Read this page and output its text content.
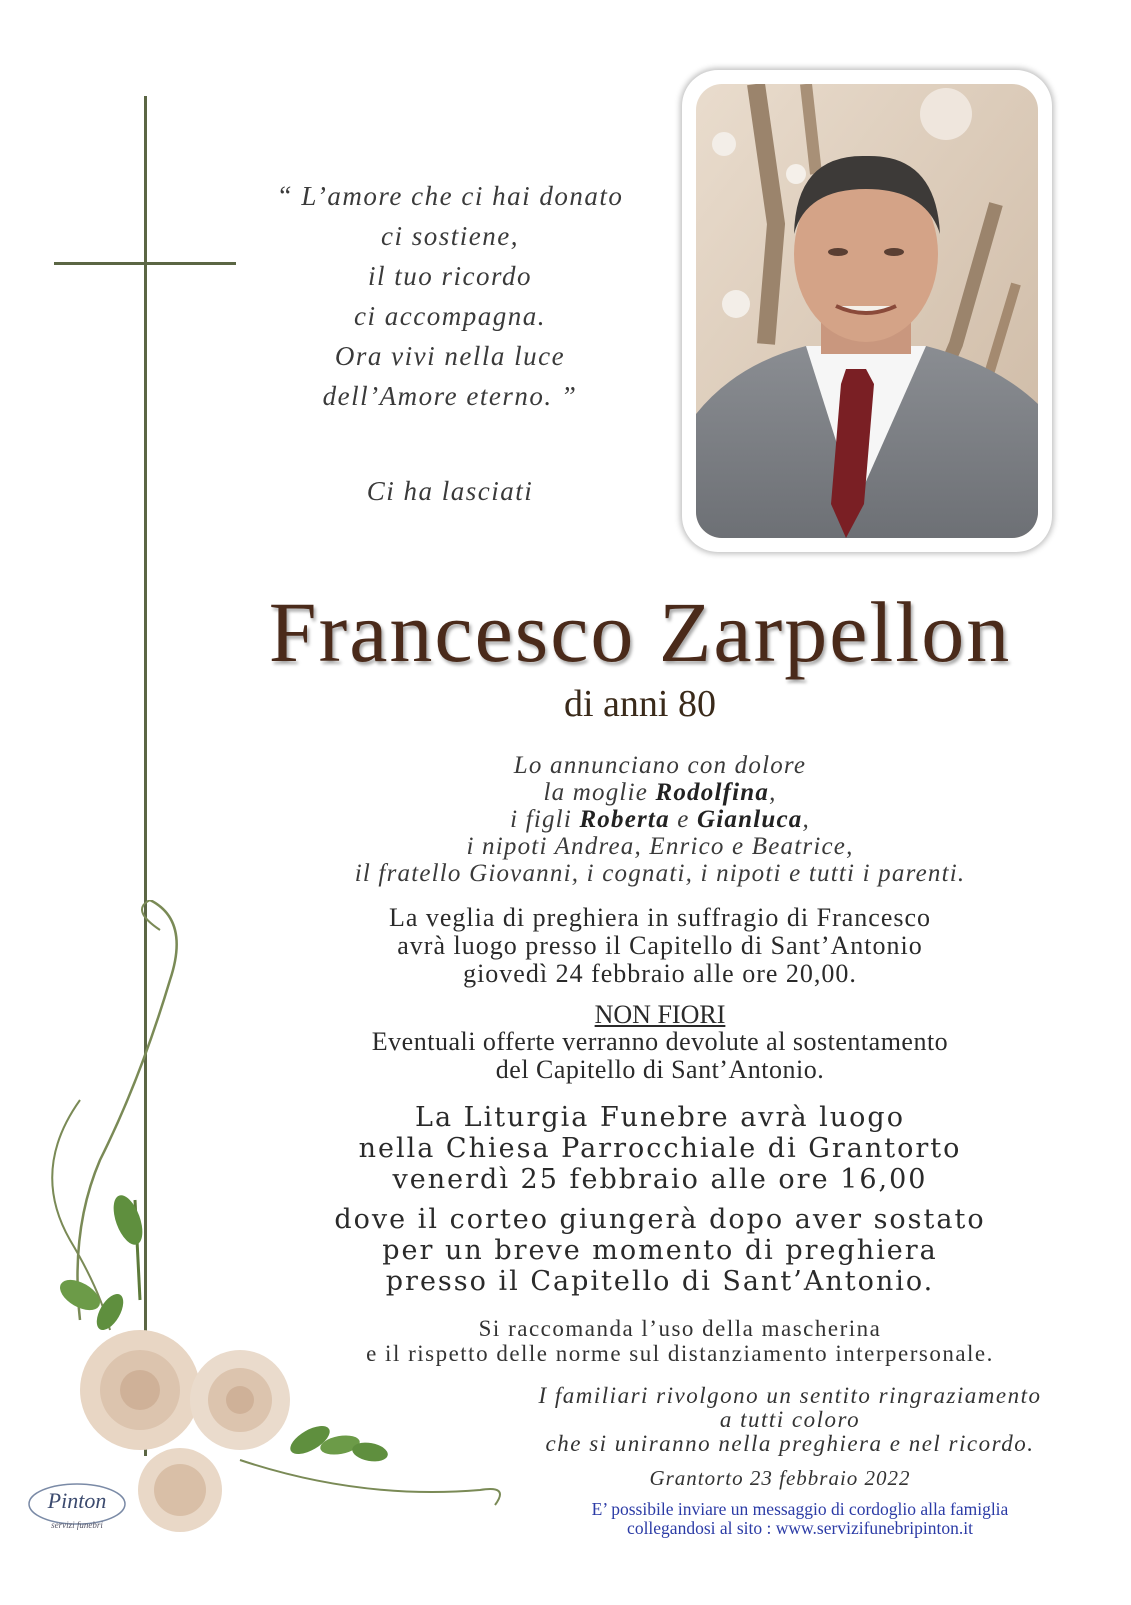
“ L’amore che ci hai donato
ci sostiene,
il tuo ricordo
ci accompagna.
Ora vivi nella luce
dell’Amore eterno. ”
Ci ha lasciati
Francesco Zarpellon
di anni 80
Lo annunciano con dolore
la moglie Rodolfina,
i figli Roberta e Gianluca,
i nipoti Andrea, Enrico e Beatrice,
il fratello Giovanni, i cognati, i nipoti e tutti i parenti.
La veglia di preghiera in suffragio di Francesco
avrà luogo presso il Capitello di Sant’Antonio
giovedì 24 febbraio alle ore 20,00.
NON FIORI
Eventuali offerte verranno devolute al sostentamento
del Capitello di Sant’Antonio.
La Liturgia Funebre avrà luogo
nella Chiesa Parrocchiale di Grantorto
venerdì 25 febbraio alle ore 16,00
dove il corteo giungerà dopo aver sostato
per un breve momento di preghiera
presso il Capitello di Sant’Antonio.
Si raccomanda l’uso della mascherina
e il rispetto delle norme sul distanziamento interpersonale.
I familiari rivolgono un sentito ringraziamento
a tutti coloro
che si uniranno nella preghiera e nel ricordo.
Grantorto 23 febbraio 2022
E’ possibile inviare un messaggio di cordoglio alla famiglia
collegandosi al sito : www.servizifunebripinton.it
Pinton
servizi funebri
